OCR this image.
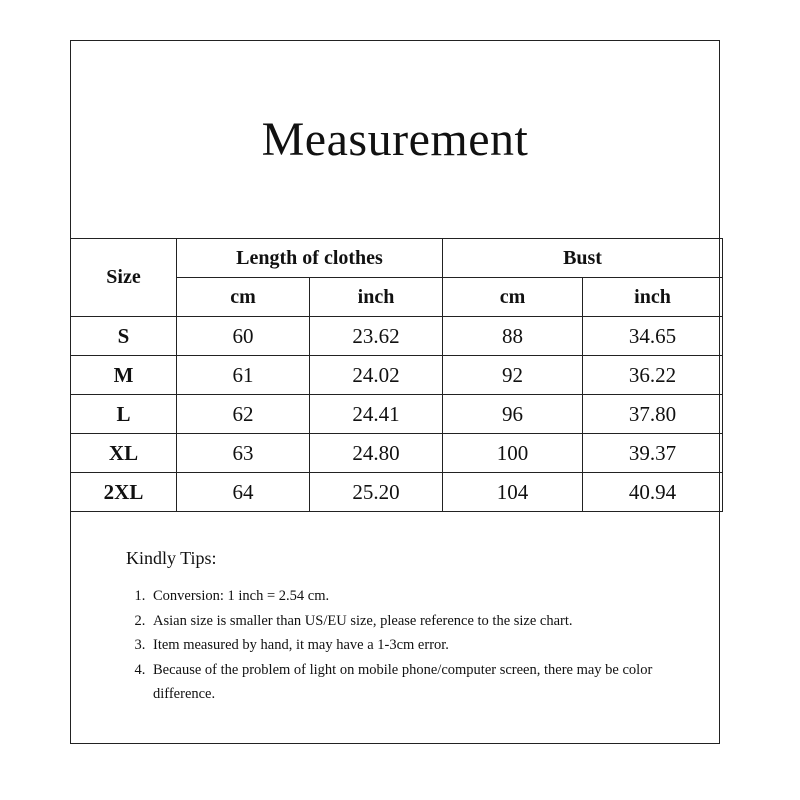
Measurement
Size	Length of clothes		Bust	
	cm	inch	cm	inch
S	60	23.62	88	34.65
M	61	24.02	92	36.22
L	62	24.41	96	37.80
XL	63	24.80	100	39.37
2XL	64	25.20	104	40.94
Kindly Tips:
1. Conversion: 1 inch = 2.54 cm.
2. Asian size is smaller than US/EU size, please reference to the size chart.
3. Item measured by hand, it may have a 1-3cm error.
4. Because of the problem of light on mobile phone/computer screen, there may be color difference.
